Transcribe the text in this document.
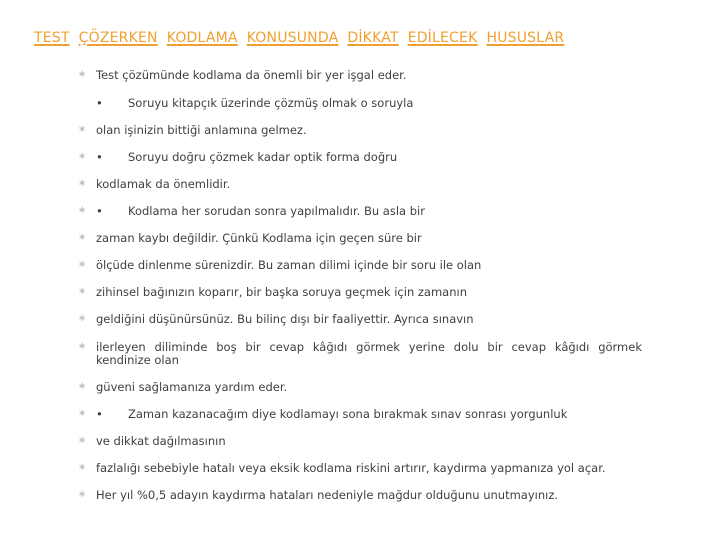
TEST ÇÖZERKEN KODLAMA KONUSUNDA DİKKAT EDİLECEK HUSUSLAR
∗ Test çözümünde kodlama da önemli bir yer işgal eder.
• Soruyu kitapçık üzerinde çözmüş olmak o soruyla
∗ olan işinizin bittiği anlamına gelmez.
∗ • Soruyu doğru çözmek kadar optik forma doğru
∗ kodlamak da önemlidir.
∗ • Kodlama her sorudan sonra yapılmalıdır. Bu asla bir
∗ zaman kaybı değildir. Çünkü Kodlama için geçen süre bir
∗ ölçüde dinlenme sürenizdir. Bu zaman dilimi içinde bir soru ile olan
∗ zihinsel bağınızın koparır, bir başka soruya geçmek için zamanın
∗ geldiğini düşünürsünüz. Bu bilinç dışı bir faaliyettir. Ayrıca sınavın
∗ ilerleyen diliminde boş bir cevap kâğıdı görmek yerine dolu bir cevap kâğıdı görmek
kendinize olan
∗ güveni sağlamanıza yardım eder.
∗ • Zaman kazanacağım diye kodlamayı sona bırakmak sınav sonrası yorgunluk
∗ ve dikkat dağılmasının
∗ fazlalığı sebebiyle hatalı veya eksik kodlama riskini artırır, kaydırma yapmanıza yol açar.
∗ Her yıl %0,5 adayın kaydırma hataları nedeniyle mağdur olduğunu unutmayınız.
